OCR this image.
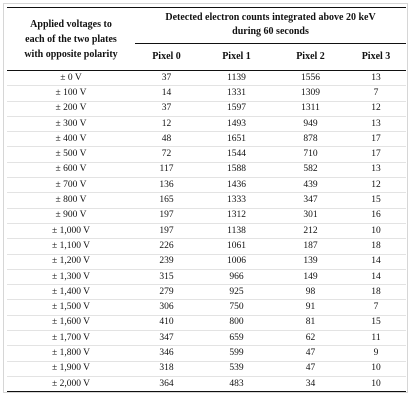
Applied voltages to
each of the two plates
with opposite polarity	Detected electron counts integrated above 20 keV
during 60 seconds			

	Pixel 0	Pixel 1	Pixel 2	Pixel 3
± 0 V	37	1139	1556	13
± 100 V	14	1331	1309	7
± 200 V	37	1597	1311	12
± 300 V	12	1493	949	13
± 400 V	48	1651	878	17
± 500 V	72	1544	710	17
± 600 V	117	1588	582	13
± 700 V	136	1436	439	12
± 800 V	165	1333	347	15
± 900 V	197	1312	301	16
± 1,000 V	197	1138	212	10
± 1,100 V	226	1061	187	18
± 1,200 V	239	1006	139	14
± 1,300 V	315	966	149	14
± 1,400 V	279	925	98	18
± 1,500 V	306	750	91	7
± 1,600 V	410	800	81	15
± 1,700 V	347	659	62	11
± 1,800 V	346	599	47	9
± 1,900 V	318	539	47	10
± 2,000 V	364	483	34	10
